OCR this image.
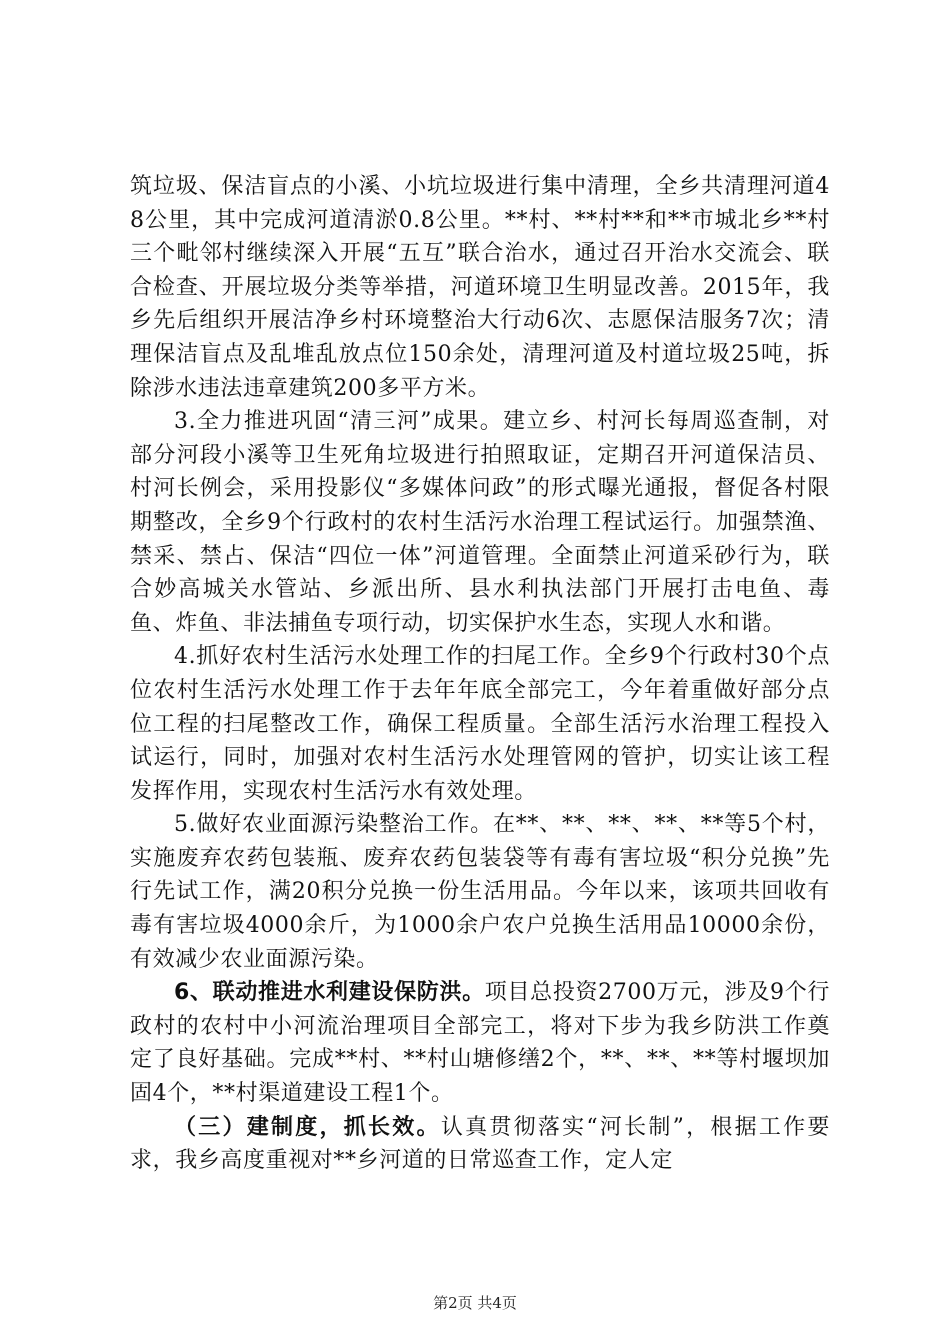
筑垃圾、保洁盲点的小溪、小坑垃圾进行集中清理，全乡共清理河道48公里，其中完成河道清淤0.8公里。**村、**村**和**市城北乡**村三个毗邻村继续深入开展“五互”联合治水，通过召开治水交流会、联合检查、开展垃圾分类等举措，河道环境卫生明显改善。2015年，我乡先后组织开展洁净乡村环境整治大行动6次、志愿保洁服务7次；清理保洁盲点及乱堆乱放点位150余处，清理河道及村道垃圾25吨，拆除涉水违法违章建筑200多平方米。

3.全力推进巩固“清三河”成果。建立乡、村河长每周巡查制，对部分河段小溪等卫生死角垃圾进行拍照取证，定期召开河道保洁员、村河长例会，采用投影仪“多媒体问政”的形式曝光通报，督促各村限期整改，全乡9个行政村的农村生活污水治理工程试运行。加强禁渔、禁采、禁占、保洁“四位一体”河道管理。全面禁止河道采砂行为，联合妙高城关水管站、乡派出所、县水利执法部门开展打击电鱼、毒鱼、炸鱼、非法捕鱼专项行动，切实保护水生态，实现人水和谐。

4.抓好农村生活污水处理工作的扫尾工作。全乡9个行政村30个点位农村生活污水处理工作于去年年底全部完工，今年着重做好部分点位工程的扫尾整改工作，确保工程质量。全部生活污水治理工程投入试运行，同时，加强对农村生活污水处理管网的管护，切实让该工程发挥作用，实现农村生活污水有效处理。

5.做好农业面源污染整治工作。在**、**、**、**、**等5个村，实施废弃农药包装瓶、废弃农药包装袋等有毒有害垃圾“积分兑换”先行先试工作，满20积分兑换一份生活用品。今年以来，该项共回收有毒有害垃圾4000余斤，为1000余户农户兑换生活用品10000余份，有效减少农业面源污染。

6、联动推进水利建设保防洪。项目总投资2700万元，涉及9个行政村的农村中小河流治理项目全部完工，将对下步为我乡防洪工作奠定了良好基础。完成**村、**村山塘修缮2个，**、**、**等村堰坝加固4个，**村渠道建设工程1个。

（三）建制度，抓长效。认真贯彻落实“河长制”，根据工作要求，我乡高度重视对**乡河道的日常巡查工作，定人定

第2页 共4页
